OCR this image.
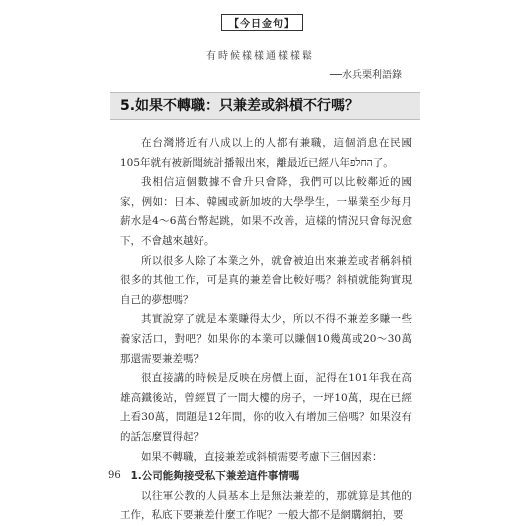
【今日金句】
有時候樣樣通樣樣鬆
──水兵栗利語錄
5.如果不轉職：只兼差或斜槓不行嗎？

在台灣將近有八成以上的人都有兼職，這個消息在民國105年就有被新聞統計播報出來，離最近已經八年החלפ了。

我相信這個數據不會升只會降，我們可以比較鄰近的國家，例如：日本、韓國或新加坡的大學學生，一畢業至少每月薪水是4～6萬台幣起跳，如果不改善，這樣的情況只會每況愈下，不會越來越好。

所以很多人除了本業之外，就會被迫出來兼差或者稱斜槓很多的其他工作，可是真的兼差會比較好嗎？斜槓就能夠實現自己的夢想嗎？

其實說穿了就是本業賺得太少，所以不得不兼差多賺一些養家活口，對吧？如果你的本業可以賺個10幾萬或20～30萬那還需要兼差嗎？

很直接講的時候是反映在房價上面，記得在101年我在高雄高鐵後站，曾經買了一間大樓的房子，一坪10萬，現在已經上看30萬，問題是12年間，你的收入有增加三倍嗎？如果沒有的話怎麼買得起？

如果不轉職，直接兼差或斜槓需要考慮下三個因素：

1.公司能夠接受私下兼差這件事情嗎

以往軍公教的人員基本上是無法兼差的，那就算是其他的工作，私底下要兼差什麼工作呢？一般大都不是網購網拍，要

96
